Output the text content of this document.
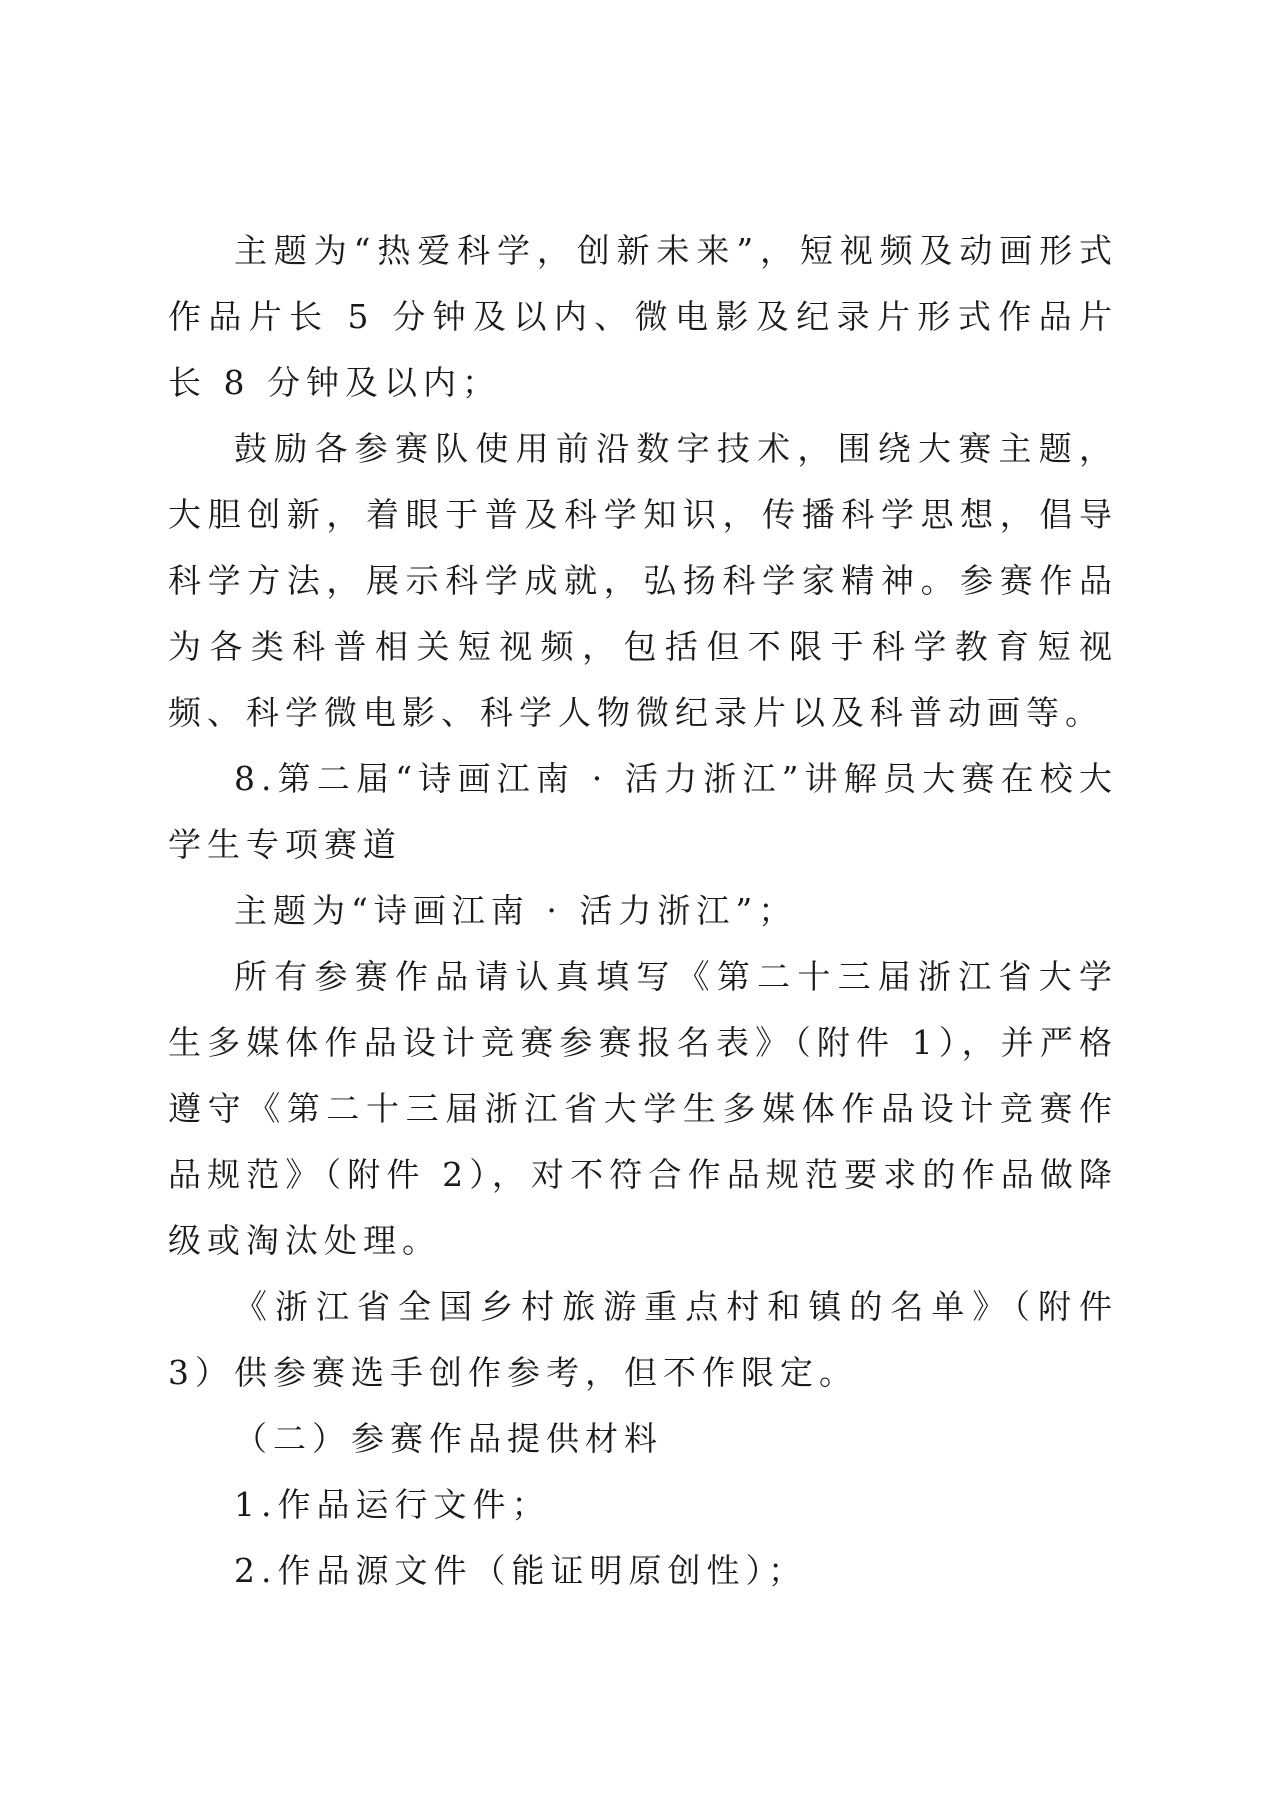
主题为“热爱科学，创新未来”，短视频及动画形式作品片长 5 分钟及以内、微电影及纪录片形式作品片长 8 分钟及以内；

鼓励各参赛队使用前沿数字技术，围绕大赛主题，大胆创新，着眼于普及科学知识，传播科学思想，倡导科学方法，展示科学成就，弘扬科学家精神。参赛作品为各类科普相关短视频，包括但不限于科学教育短视频、科学微电影、科学人物微纪录片以及科普动画等。

8.第二届“诗画江南 · 活力浙江”讲解员大赛在校大学生专项赛道

主题为“诗画江南 · 活力浙江”；

所有参赛作品请认真填写《第二十三届浙江省大学生多媒体作品设计竞赛参赛报名表》（附件 1），并严格遵守《第二十三届浙江省大学生多媒体作品设计竞赛作品规范》（附件 2），对不符合作品规范要求的作品做降级或淘汰处理。

《浙江省全国乡村旅游重点村和镇的名单》（附件 3）供参赛选手创作参考，但不作限定。

（二）参赛作品提供材料

1.作品运行文件；

2.作品源文件（能证明原创性）；
